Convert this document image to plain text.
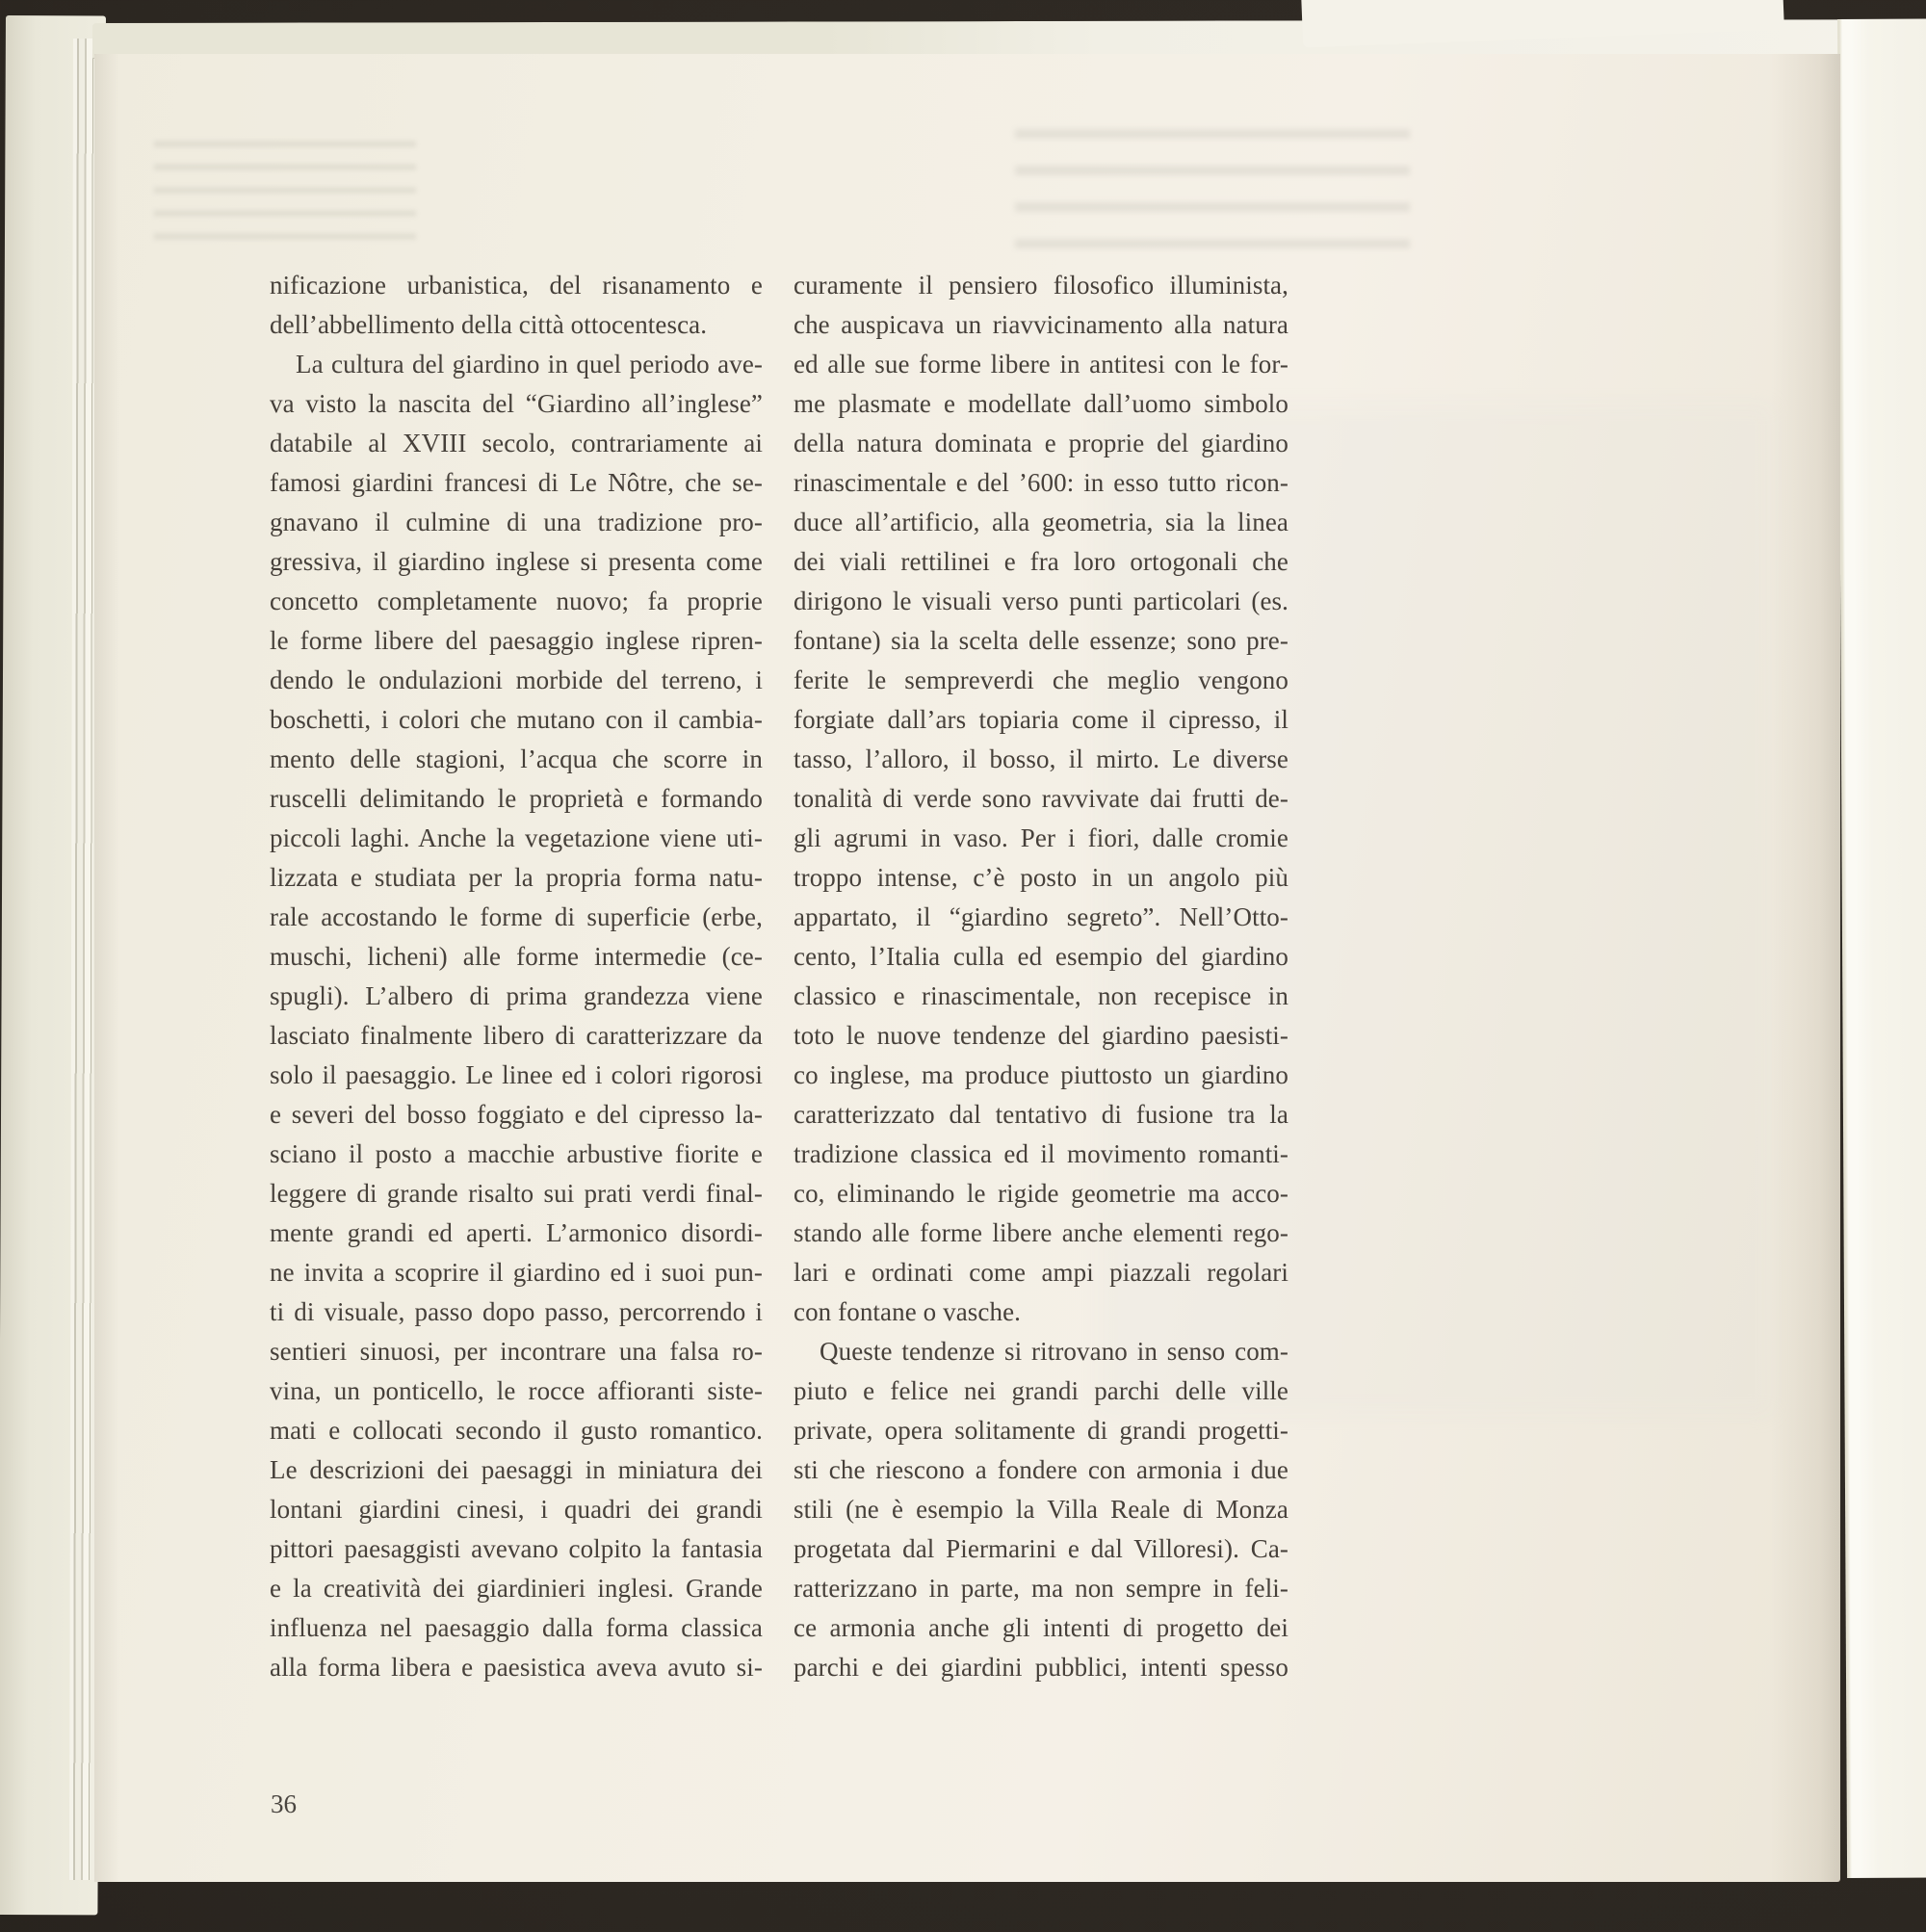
nificazione urbanistica, del risanamento e
dell’abbellimento della città ottocentesca.
La cultura del giardino in quel periodo ave-
va visto la nascita del “Giardino all’inglese”
databile al XVIII secolo, contrariamente ai
famosi giardini francesi di Le Nôtre, che se-
gnavano il culmine di una tradizione pro-
gressiva, il giardino inglese si presenta come
concetto completamente nuovo; fa proprie
le forme libere del paesaggio inglese ripren-
dendo le ondulazioni morbide del terreno, i
boschetti, i colori che mutano con il cambia-
mento delle stagioni, l’acqua che scorre in
ruscelli delimitando le proprietà e formando
piccoli laghi. Anche la vegetazione viene uti-
lizzata e studiata per la propria forma natu-
rale accostando le forme di superficie (erbe,
muschi, licheni) alle forme intermedie (ce-
spugli). L’albero di prima grandezza viene
lasciato finalmente libero di caratterizzare da
solo il paesaggio. Le linee ed i colori rigorosi
e severi del bosso foggiato e del cipresso la-
sciano il posto a macchie arbustive fiorite e
leggere di grande risalto sui prati verdi final-
mente grandi ed aperti. L’armonico disordi-
ne invita a scoprire il giardino ed i suoi pun-
ti di visuale, passo dopo passo, percorrendo i
sentieri sinuosi, per incontrare una falsa ro-
vina, un ponticello, le rocce affioranti siste-
mati e collocati secondo il gusto romantico.
Le descrizioni dei paesaggi in miniatura dei
lontani giardini cinesi, i quadri dei grandi
pittori paesaggisti avevano colpito la fantasia
e la creatività dei giardinieri inglesi. Grande
influenza nel paesaggio dalla forma classica
alla forma libera e paesistica aveva avuto si-
curamente il pensiero filosofico illuminista,
che auspicava un riavvicinamento alla natura
ed alle sue forme libere in antitesi con le for-
me plasmate e modellate dall’uomo simbolo
della natura dominata e proprie del giardino
rinascimentale e del ’600: in esso tutto ricon-
duce all’artificio, alla geometria, sia la linea
dei viali rettilinei e fra loro ortogonali che
dirigono le visuali verso punti particolari (es.
fontane) sia la scelta delle essenze; sono pre-
ferite le sempreverdi che meglio vengono
forgiate dall’ars topiaria come il cipresso, il
tasso, l’alloro, il bosso, il mirto. Le diverse
tonalità di verde sono ravvivate dai frutti de-
gli agrumi in vaso. Per i fiori, dalle cromie
troppo intense, c’è posto in un angolo più
appartato, il “giardino segreto”. Nell’Otto-
cento, l’Italia culla ed esempio del giardino
classico e rinascimentale, non recepisce in
toto le nuove tendenze del giardino paesisti-
co inglese, ma produce piuttosto un giardino
caratterizzato dal tentativo di fusione tra la
tradizione classica ed il movimento romanti-
co, eliminando le rigide geometrie ma acco-
stando alle forme libere anche elementi rego-
lari e ordinati come ampi piazzali regolari
con fontane o vasche.
Queste tendenze si ritrovano in senso com-
piuto e felice nei grandi parchi delle ville
private, opera solitamente di grandi progetti-
sti che riescono a fondere con armonia i due
stili (ne è esempio la Villa Reale di Monza
progetata dal Piermarini e dal Villoresi). Ca-
ratterizzano in parte, ma non sempre in feli-
ce armonia anche gli intenti di progetto dei
parchi e dei giardini pubblici, intenti spesso
36
